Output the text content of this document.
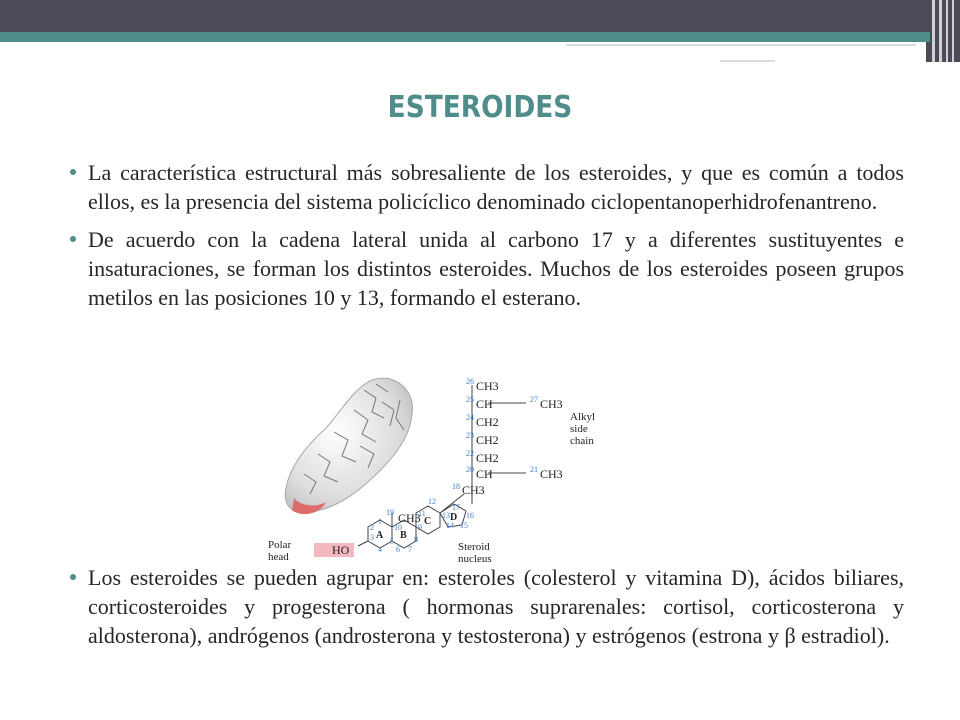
ESTEROIDES
La característica estructural más sobresaliente de los esteroides, y que es común a todos ellos, es la presencia del sistema policíclico denominado ciclopentanoperhidrofenantreno.
De acuerdo con la cadena lateral unida al carbono 17 y a diferentes sustituyentes e insaturaciones, se forman los distintos esteroides. Muchos de los esteroides poseen grupos metilos en las posiciones 10 y 13, formando el esterano.
CH3
CH	CH3
CH2
CH2
CH2
CH	CH3
CH3
CH3
26
25	27
24
23
22
20	21
18
19
17
16
15
14
13
12
11
10 9
8
7
6
5
4
3
2
1
A B
C D
HO
Alkyl
side
chain
Polar
head
Steroid
nucleus
Los esteroides se pueden agrupar en: esteroles (colesterol y vitamina D), ácidos biliares, corticosteroides y progesterona ( hormonas suprarenales: cortisol, corticosterona y aldosterona), andrógenos (androsterona y testosterona) y estrógenos (estrona y β estradiol).
